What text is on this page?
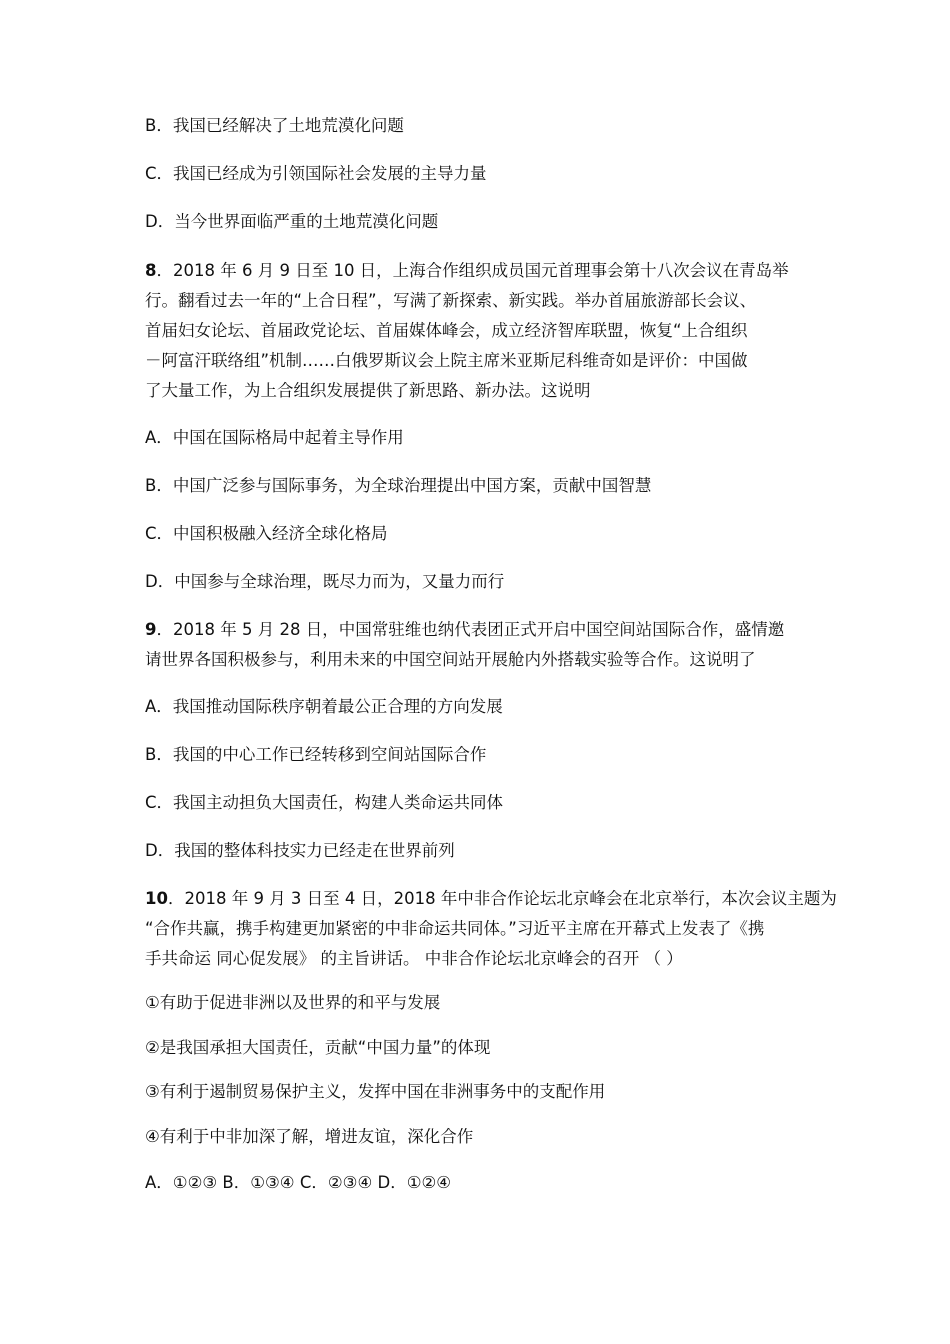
B．我国已经解决了土地荒漠化问题
C．我国已经成为引领国际社会发展的主导力量
D．当今世界面临严重的土地荒漠化问题
8．2018 年 6 月 9 日至 10 日，上海合作组织成员国元首理事会第十八次会议在青岛举
行。翻看过去一年的“上合日程”，写满了新探索、新实践。举办首届旅游部长会议、
首届妇女论坛、首届政党论坛、首届媒体峰会，成立经济智库联盟，恢复“上合组织
－阿富汗联络组”机制……白俄罗斯议会上院主席米亚斯尼科维奇如是评价：中国做
了大量工作，为上合组织发展提供了新思路、新办法。这说明
A．中国在国际格局中起着主导作用
B．中国广泛参与国际事务，为全球治理提出中国方案，贡献中国智慧
C．中国积极融入经济全球化格局
D．中国参与全球治理，既尽力而为，又量力而行
9．2018 年 5 月 28 日，中国常驻维也纳代表团正式开启中国空间站国际合作，盛情邀
请世界各国积极参与，利用未来的中国空间站开展舱内外搭载实验等合作。这说明了
A．我国推动国际秩序朝着最公正合理的方向发展
B．我国的中心工作已经转移到空间站国际合作
C．我国主动担负大国责任，构建人类命运共同体
D．我国的整体科技实力已经走在世界前列
10．2018 年 9 月 3 日至 4 日，2018 年中非合作论坛北京峰会在北京举行，本次会议主题为
“合作共赢，携手构建更加紧密的中非命运共同体。”习近平主席在开幕式上发表了《携
手共命运 同心促发展》 的主旨讲话。 中非合作论坛北京峰会的召开 （ ）
①有助于促进非洲以及世界的和平与发展
②是我国承担大国责任，贡献“中国力量”的体现
③有利于遏制贸易保护主义，发挥中国在非洲事务中的支配作用
④有利于中非加深了解，增进友谊，深化合作
A．①②③ B．①③④ C．②③④ D．①②④
